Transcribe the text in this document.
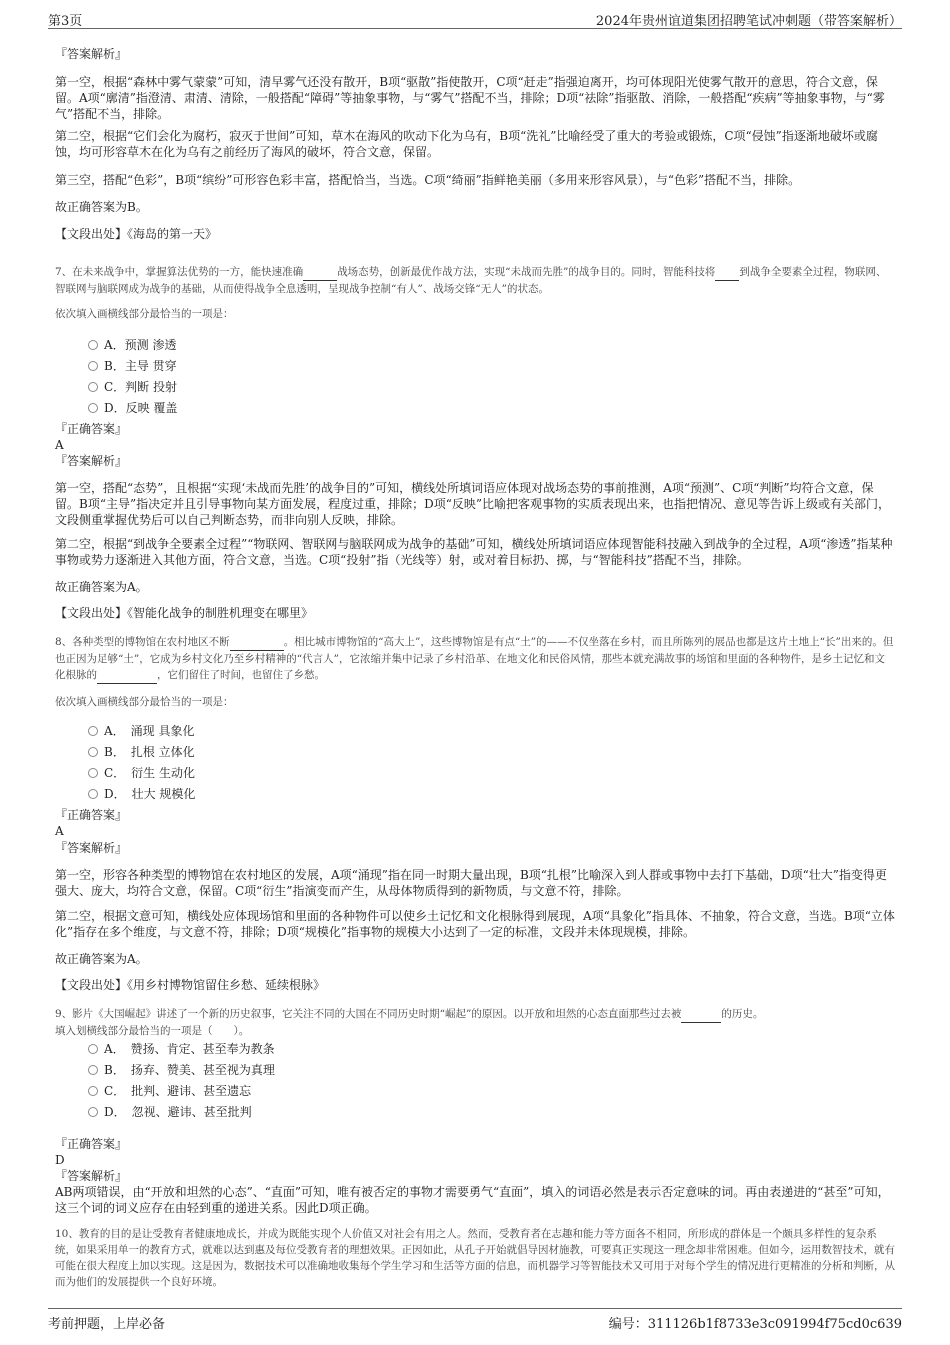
第3页	2024年贵州谊道集团招聘笔试冲刺题（带答案解析）
『答案解析』
第一空，根据“森林中雾气蒙蒙”可知，清早雾气还没有散开，B项“驱散”指使散开，C项“赶走”指强迫离开，均可体现阳光使雾气散开的意思，符合文意，保留。A项“廓清”指澄清、肃清、清除，一般搭配“障碍”等抽象事物，与“雾气”搭配不当，排除；D项“祛除”指驱散、消除，一般搭配“疾病”等抽象事物，与“雾气”搭配不当，排除。
第二空，根据“它们会化为腐朽，寂灭于世间”可知，草木在海风的吹动下化为乌有，B项“洗礼”比喻经受了重大的考验或锻炼，C项“侵蚀”指逐渐地破坏或腐蚀，均可形容草木在化为乌有之前经历了海风的破坏，符合文意，保留。
第三空，搭配“色彩”，B项“缤纷”可形容色彩丰富，搭配恰当，当选。C项“绮丽”指鲜艳美丽（多用来形容风景），与“色彩”搭配不当，排除。
故正确答案为B。
【文段出处】《海岛的第一天》
7、在未来战争中，掌握算法优势的一方，能快速准确	战场态势，创新最优作战方法，实现“未战而先胜”的战争目的。同时，智能科技将 到战争全要素全过程，物联网、智联网与脑联网成为战争的基础，从而使得战争全息透明，呈现战争控制“有人”、战场交锋“无人”的状态。
依次填入画横线部分最恰当的一项是：
A．预测 渗透
B．主导 贯穿
C．判断 投射
D．反映 覆盖
『正确答案』
A
『答案解析』
第一空，搭配“态势”，且根据“实现‘未战而先胜’的战争目的”可知，横线处所填词语应体现对战场态势的事前推测，A项“预测”、C项“判断”均符合文意，保留。B项“主导”指决定并且引导事物向某方面发展，程度过重，排除；D项“反映”比喻把客观事物的实质表现出来，也指把情况、意见等告诉上级或有关部门，文段侧重掌握优势后可以自己判断态势，而非向别人反映，排除。
第二空，根据“到战争全要素全过程”“物联网、智联网与脑联网成为战争的基础”可知，横线处所填词语应体现智能科技融入到战争的全过程，A项“渗透”指某种事物或势力逐渐进入其他方面，符合文意，当选。C项“投射”指（光线等）射，或对着目标扔、掷，与“智能科技”搭配不当，排除。
故正确答案为A。
【文段出处】《智能化战争的制胜机理变在哪里》
8、各种类型的博物馆在农村地区不断	。相比城市博物馆的“高大上”，这些博物馆是有点“土”的——不仅坐落在乡村，而且所陈列的展品也都是这片土地上“长”出来的。但也正因为足够“土”，它成为乡村文化乃至乡村精神的“代言人”，它浓缩并集中记录了乡村沿革、在地文化和民俗风情，那些本就充满故事的场馆和里面的各种物件，是乡土记忆和文化根脉的	，它们留住了时间，也留住了乡愁。
依次填入画横线部分最恰当的一项是：
A．　涌现 具象化
B．　扎根 立体化
C．　衍生 生动化
D．　壮大 规模化
『正确答案』
A
『答案解析』
第一空，形容各种类型的博物馆在农村地区的发展，A项“涌现”指在同一时期大量出现，B项“扎根”比喻深入到人群或事物中去打下基础，D项“壮大”指变得更强大、庞大，均符合文意，保留。C项“衍生”指演变而产生，从母体物质得到的新物质，与文意不符，排除。
第二空，根据文意可知，横线处应体现场馆和里面的各种物件可以使乡土记忆和文化根脉得到展现，A项“具象化”指具体、不抽象，符合文意，当选。B项“立体化”指存在多个维度，与文意不符，排除；D项“规模化”指事物的规模大小达到了一定的标准，文段并未体现规模，排除。
故正确答案为A。
【文段出处】《用乡村博物馆留住乡愁、延续根脉》
9、影片《大国崛起》讲述了一个新的历史叙事，它关注不同的大国在不同历史时期“崛起”的原因。以开放和坦然的心态直面那些过去被	的历史。
填入划横线部分最恰当的一项是（　　）。
A．　赞扬、肯定、甚至奉为教条
B．　扬弃、赞美、甚至视为真理
C．　批判、避讳、甚至遗忘
D．　忽视、避讳、甚至批判
『正确答案』
D
『答案解析』
AB两项错误，由“开放和坦然的心态”、“直面”可知，唯有被否定的事物才需要勇气“直面”，填入的词语必然是表示否定意味的词。再由表递进的“甚至”可知，这三个词的词义应存在由轻到重的递进关系。因此D项正确。
10、教育的目的是让受教育者健康地成长，并成为既能实现个人价值又对社会有用之人。然而，受教育者在志趣和能力等方面各不相同，所形成的群体是一个颇具多样性的复杂系统，如果采用单一的教育方式，就难以达到惠及每位受教育者的理想效果。正因如此，从孔子开始就倡导因材施教，可要真正实现这一理念却非常困难。但如今，运用数智技术，就有可能在很大程度上加以实现。这是因为，数据技术可以准确地收集每个学生学习和生活等方面的信息，而机器学习等智能技术又可用于对每个学生的情况进行更精准的分析和判断，从而为他们的发展提供一个良好环境。
考前押题，上岸必备	编号：311126b1f8733e3c091994f75cd0c639
